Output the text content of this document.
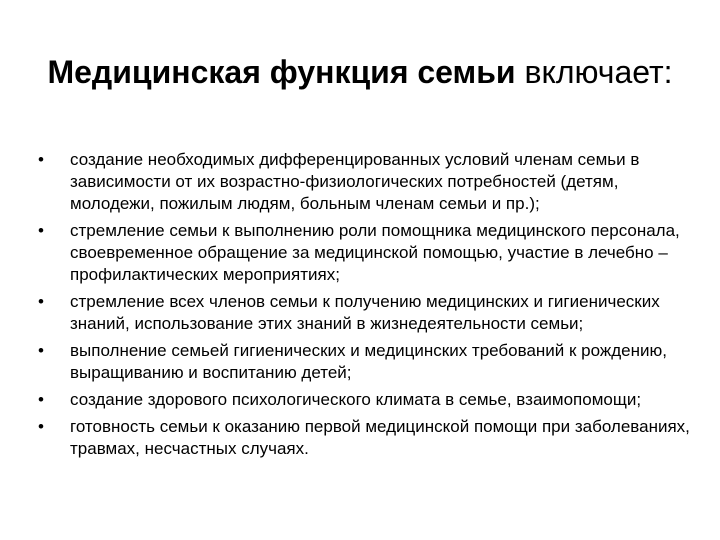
Медицинская функция семьи включает:
• создание необходимых дифференцированных условий членам семьи в зависимости от их возрастно-физиологических потребностей (детям, молодежи, пожилым людям, больным членам семьи и пр.);
• стремление семьи к выполнению роли помощника медицинского персонала, своевременное обращение за медицинской помощью, участие в лечебно – профилактических мероприятиях;
• стремление всех членов семьи к получению медицинских и гигиенических знаний, использование этих знаний в жизнедеятельности семьи;
• выполнение семьей гигиенических и медицинских требований к рождению, выращиванию и воспитанию детей;
• создание здорового психологического климата в семье, взаимопомощи;
• готовность семьи к оказанию первой медицинской помощи при заболеваниях, травмах, несчастных случаях.
